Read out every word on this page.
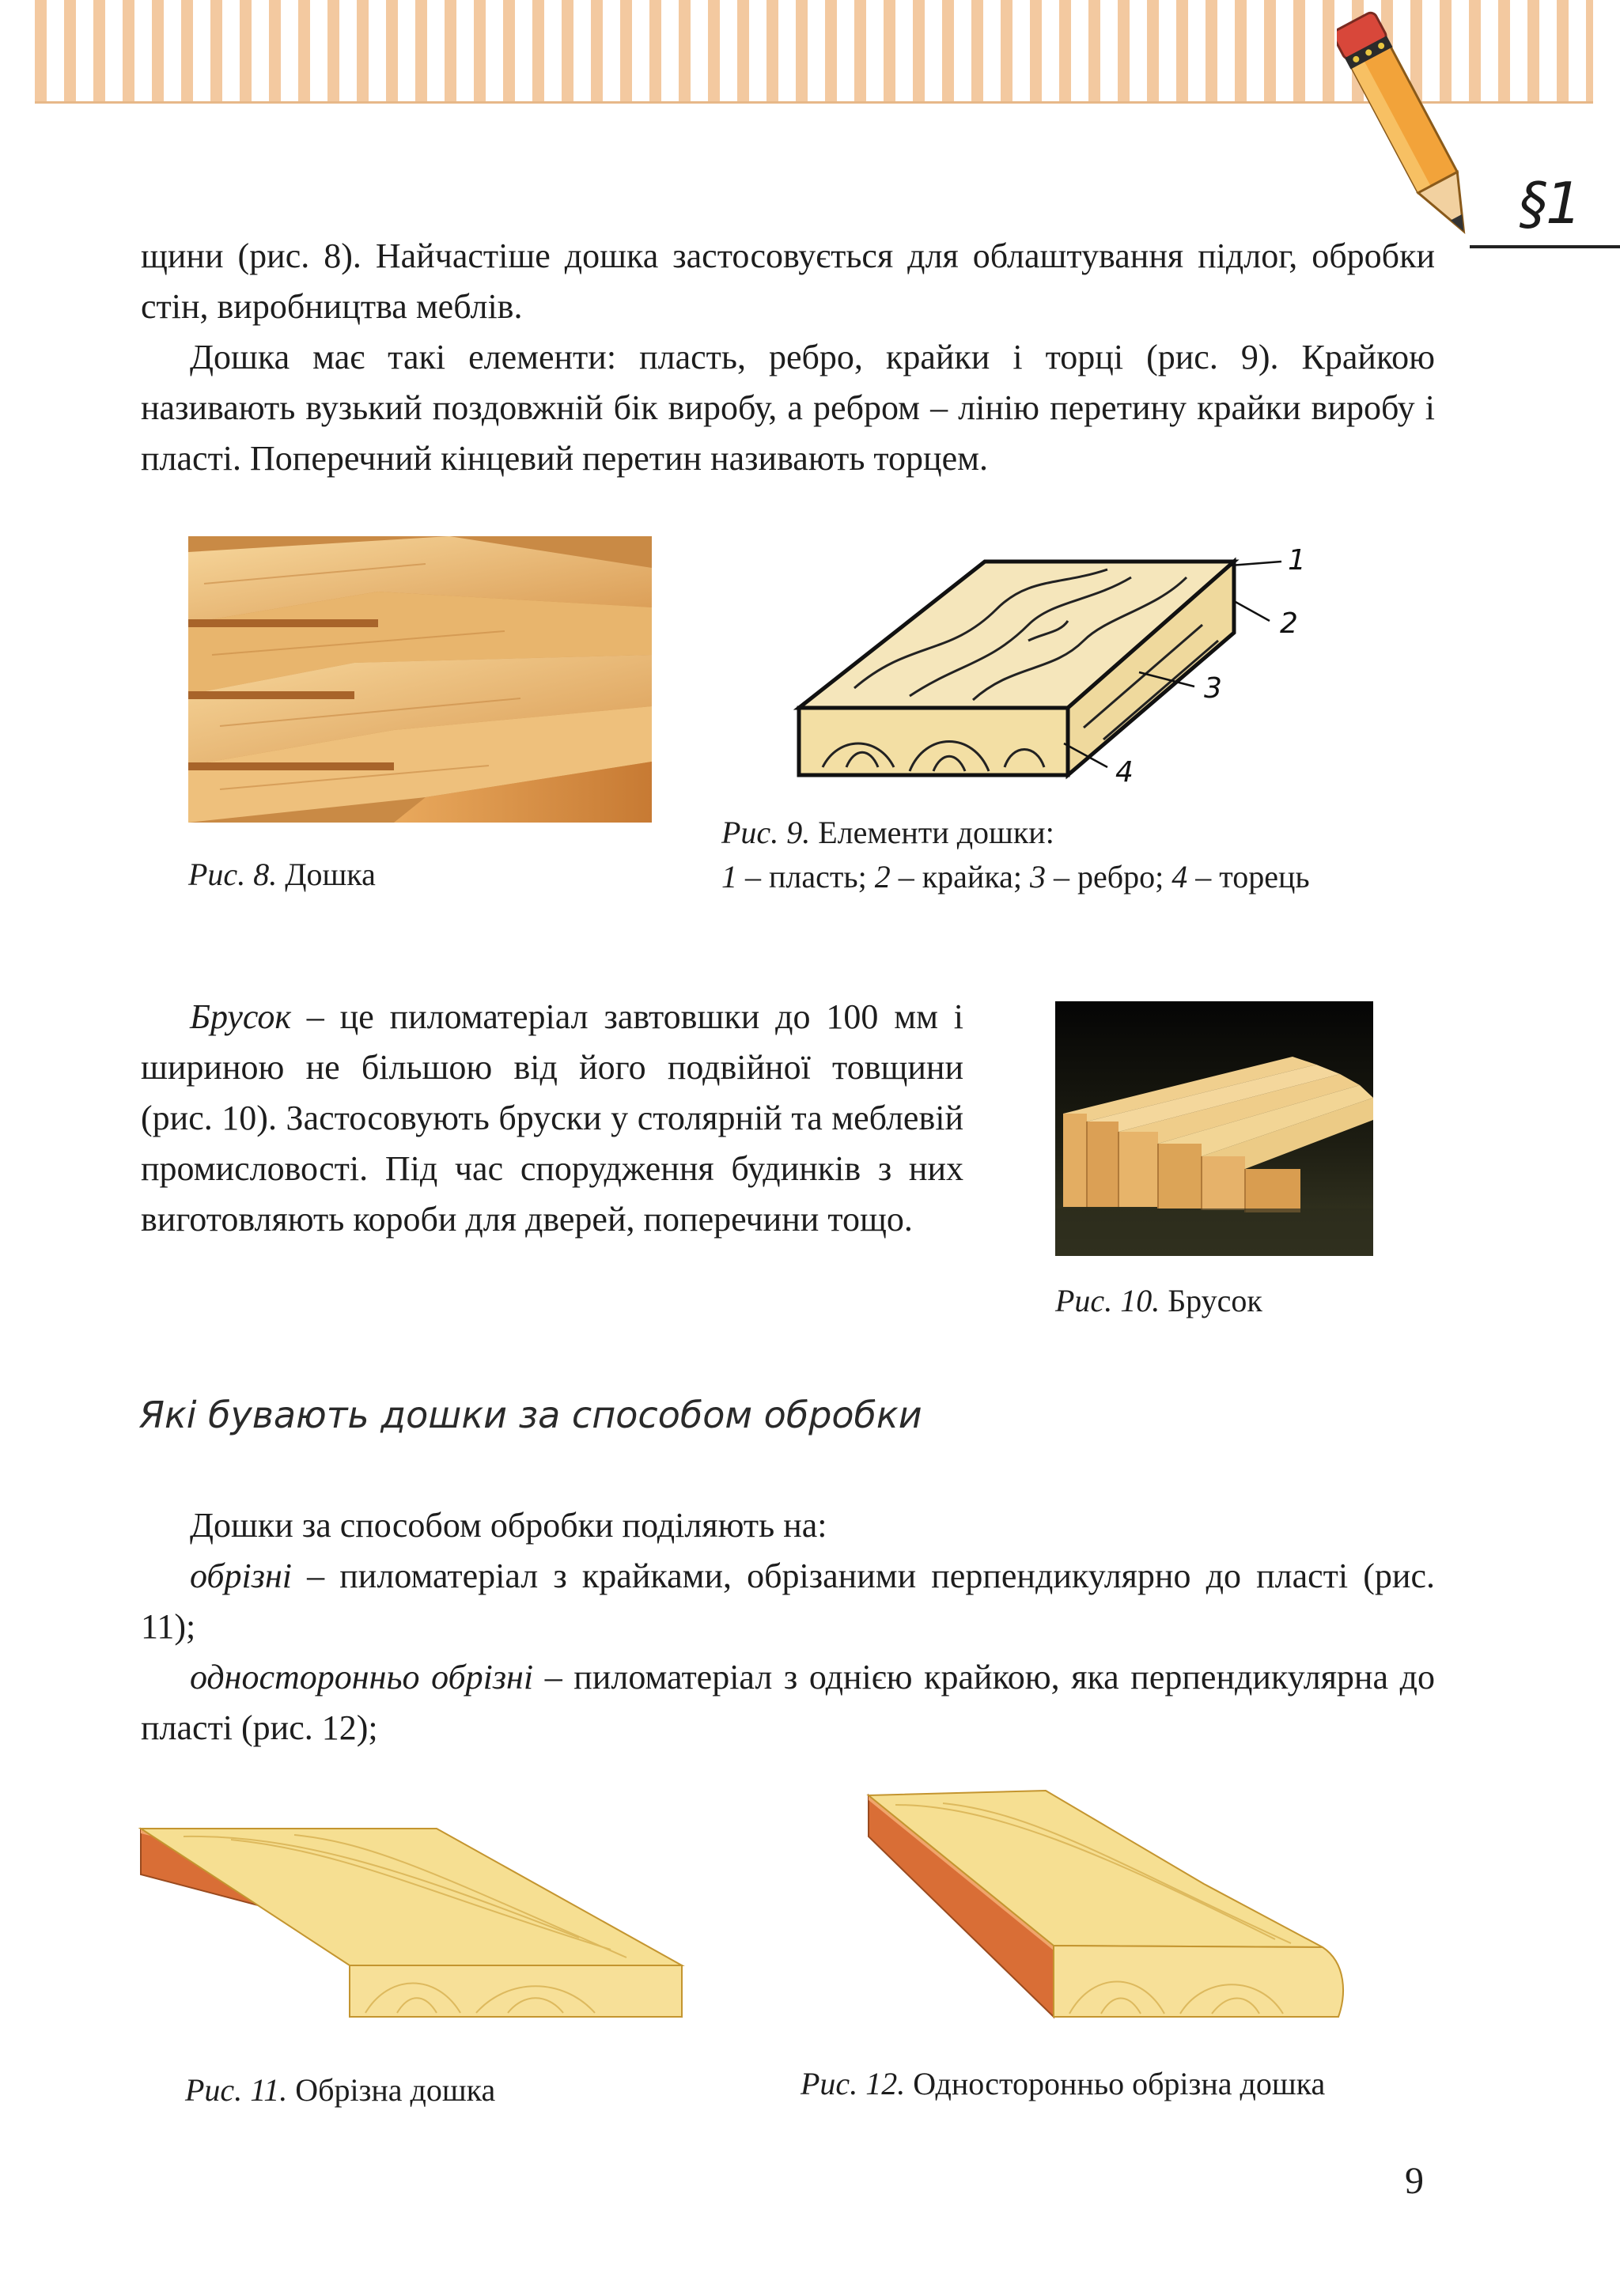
§1

щини (рис. 8). Найчастіше дошка застосовується для облаштування підлог, обробки стін, виробництва меблів.

Дошка має такі елементи: пласть, ребро, крайки і торці (рис. 9). Крайкою називають вузький поздовжній бік виробу, а ребром – лінію перетину крайки виробу і пласті. Поперечний кінцевий перетин називають торцем.

Рис. 8. Дошка

1
2
3
4

Рис. 9. Елементи дошки:

1 – пласть; 2 – крайка; 3 – ребро; 4 – торець

Брусок – це пиломатеріал завтовшки до 100 мм і шириною не більшою від його подвійної товщини (рис. 10). Застосовують бруски у столярній та меблевій промисловості. Під час спорудження будинків з них виготовляють короби для дверей, поперечини тощо.

Рис. 10. Брусок

Які бувають дошки за способом обробки

Дошки за способом обробки поділяють на:

обрізні – пиломатеріал з крайками, обрізаними перпендикулярно до пласті (рис. 11);

односторонньо обрізні – пиломатеріал з однією крайкою, яка перпендикулярна до пласті (рис. 12);

Рис. 11. Обрізна дошка	Рис. 12. Односторонньо обрізна дошка

9
